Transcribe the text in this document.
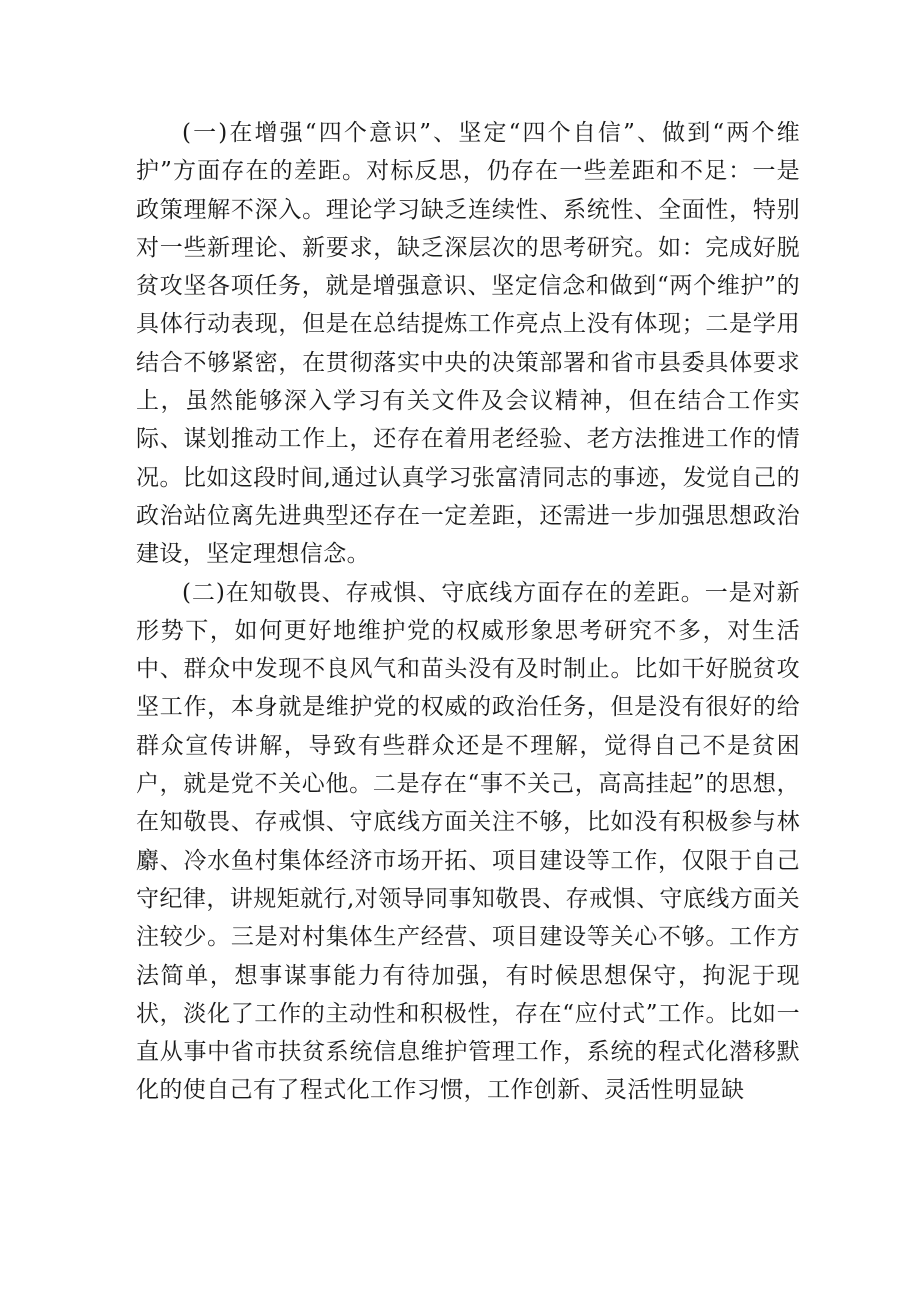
(一)在增强“四个意识”、坚定“四个自信”、做到“两个维护”方面存在的差距。对标反思，仍存在一些差距和不足：一是政策理解不深入。理论学习缺乏连续性、系统性、全面性，特别对一些新理论、新要求，缺乏深层次的思考研究。如：完成好脱贫攻坚各项任务，就是增强意识、坚定信念和做到“两个维护”的具体行动表现，但是在总结提炼工作亮点上没有体现；二是学用结合不够紧密，在贯彻落实中央的决策部署和省市县委具体要求上，虽然能够深入学习有关文件及会议精神，但在结合工作实际、谋划推动工作上，还存在着用老经验、老方法推进工作的情况。比如这段时间,通过认真学习张富清同志的事迹，发觉自己的政治站位离先进典型还存在一定差距，还需进一步加强思想政治建设，坚定理想信念。

(二)在知敬畏、存戒惧、守底线方面存在的差距。一是对新形势下，如何更好地维护党的权威形象思考研究不多，对生活中、群众中发现不良风气和苗头没有及时制止。比如干好脱贫攻坚工作，本身就是维护党的权威的政治任务，但是没有很好的给群众宣传讲解，导致有些群众还是不理解，觉得自己不是贫困户，就是党不关心他。二是存在“事不关己，高高挂起”的思想，在知敬畏、存戒惧、守底线方面关注不够，比如没有积极参与林麝、冷水鱼村集体经济市场开拓、项目建设等工作，仅限于自己守纪律，讲规矩就行,对领导同事知敬畏、存戒惧、守底线方面关注较少。三是对村集体生产经营、项目建设等关心不够。工作方法简单，想事谋事能力有待加强，有时候思想保守，拘泥于现状，淡化了工作的主动性和积极性，存在“应付式”工作。比如一直从事中省市扶贫系统信息维护管理工作，系统的程式化潜移默化的使自己有了程式化工作习惯，工作创新、灵活性明显缺
